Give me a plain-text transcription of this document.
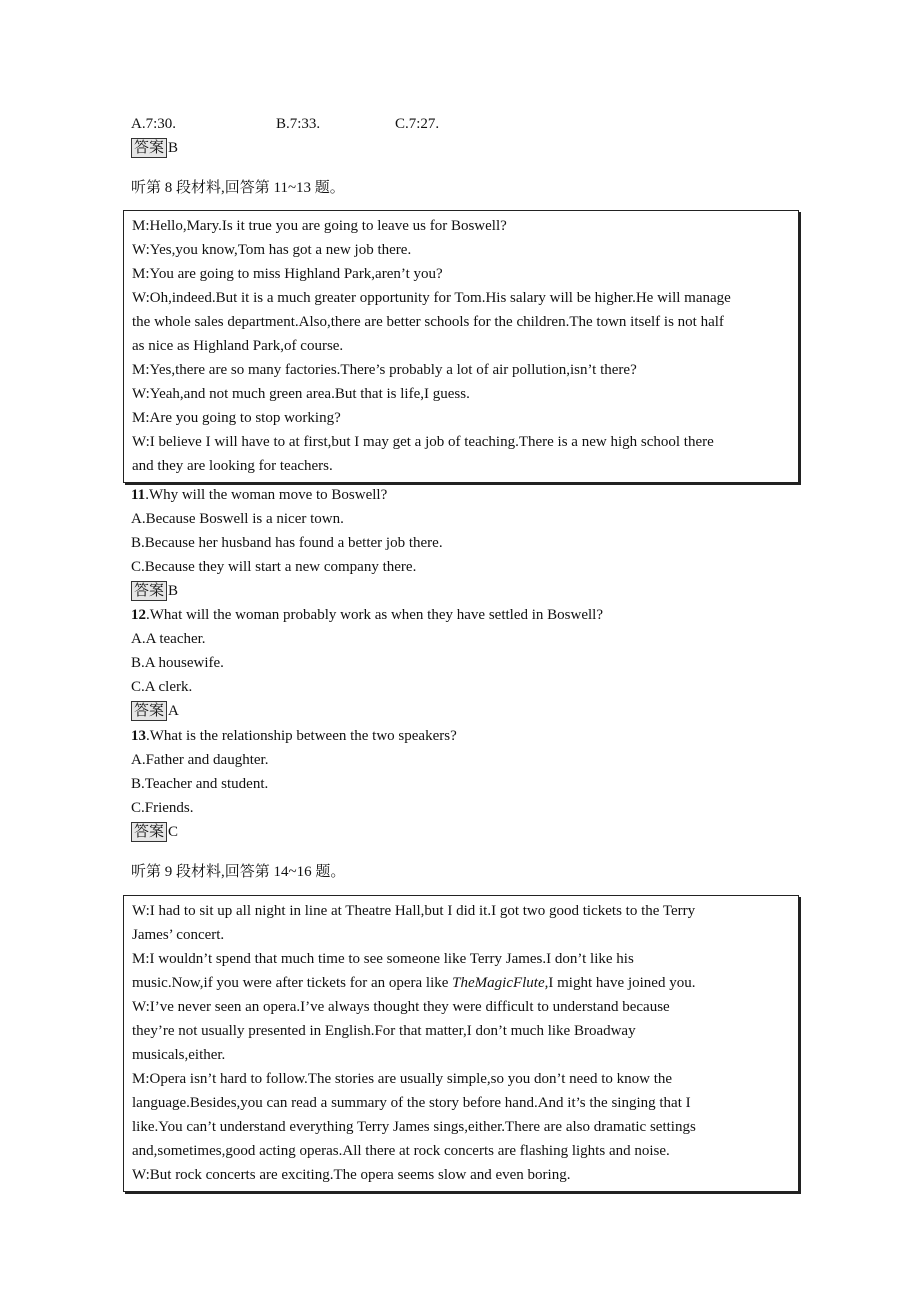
A.7:30.	B.7:33.	C.7:27.
答案 B
听第 8 段材料,回答第 11~13 题。

M:Hello,Mary.Is it true you are going to leave us for Boswell?

W:Yes,you know,Tom has got a new job there.

M:You are going to miss Highland Park,aren’t you?

W:Oh,indeed.But it is a much greater opportunity for Tom.His salary will be higher.He will manage

the whole sales department.Also,there are better schools for the children.The town itself is not half

as nice as Highland Park,of course.

M:Yes,there are so many factories.There’s probably a lot of air pollution,isn’t there?

W:Yeah,and not much green area.But that is life,I guess.

M:Are you going to stop working?

W:I believe I will have to at first,but I may get a job of teaching.There is a new high school there

and they are looking for teachers.

11.Why will the woman move to Boswell?
A.Because Boswell is a nicer town.
B.Because her husband has found a better job there.
C.Because they will start a new company there.
答案 B
12.What will the woman probably work as when they have settled in Boswell?
A.A teacher.
B.A housewife.
C.A clerk.
答案 A
13.What is the relationship between the two speakers?
A.Father and daughter.
B.Teacher and student.
C.Friends.
答案 C
听第 9 段材料,回答第 14~16 题。

W:I had to sit up all night in line at Theatre Hall,but I did it.I got two good tickets to the Terry

James’ concert.

M:I wouldn’t spend that much time to see someone like Terry James.I don’t like his

music.Now,if you were after tickets for an opera like TheMagicFlute,I might have joined you.

W:I’ve never seen an opera.I’ve always thought they were difficult to understand because

they’re not usually presented in English.For that matter,I don’t much like Broadway

musicals,either.

M:Opera isn’t hard to follow.The stories are usually simple,so you don’t need to know the

language.Besides,you can read a summary of the story before hand.And it’s the singing that I

like.You can’t understand everything Terry James sings,either.There are also dramatic settings

and,sometimes,good acting operas.All there at rock concerts are flashing lights and noise.

W:But rock concerts are exciting.The opera seems slow and even boring.
